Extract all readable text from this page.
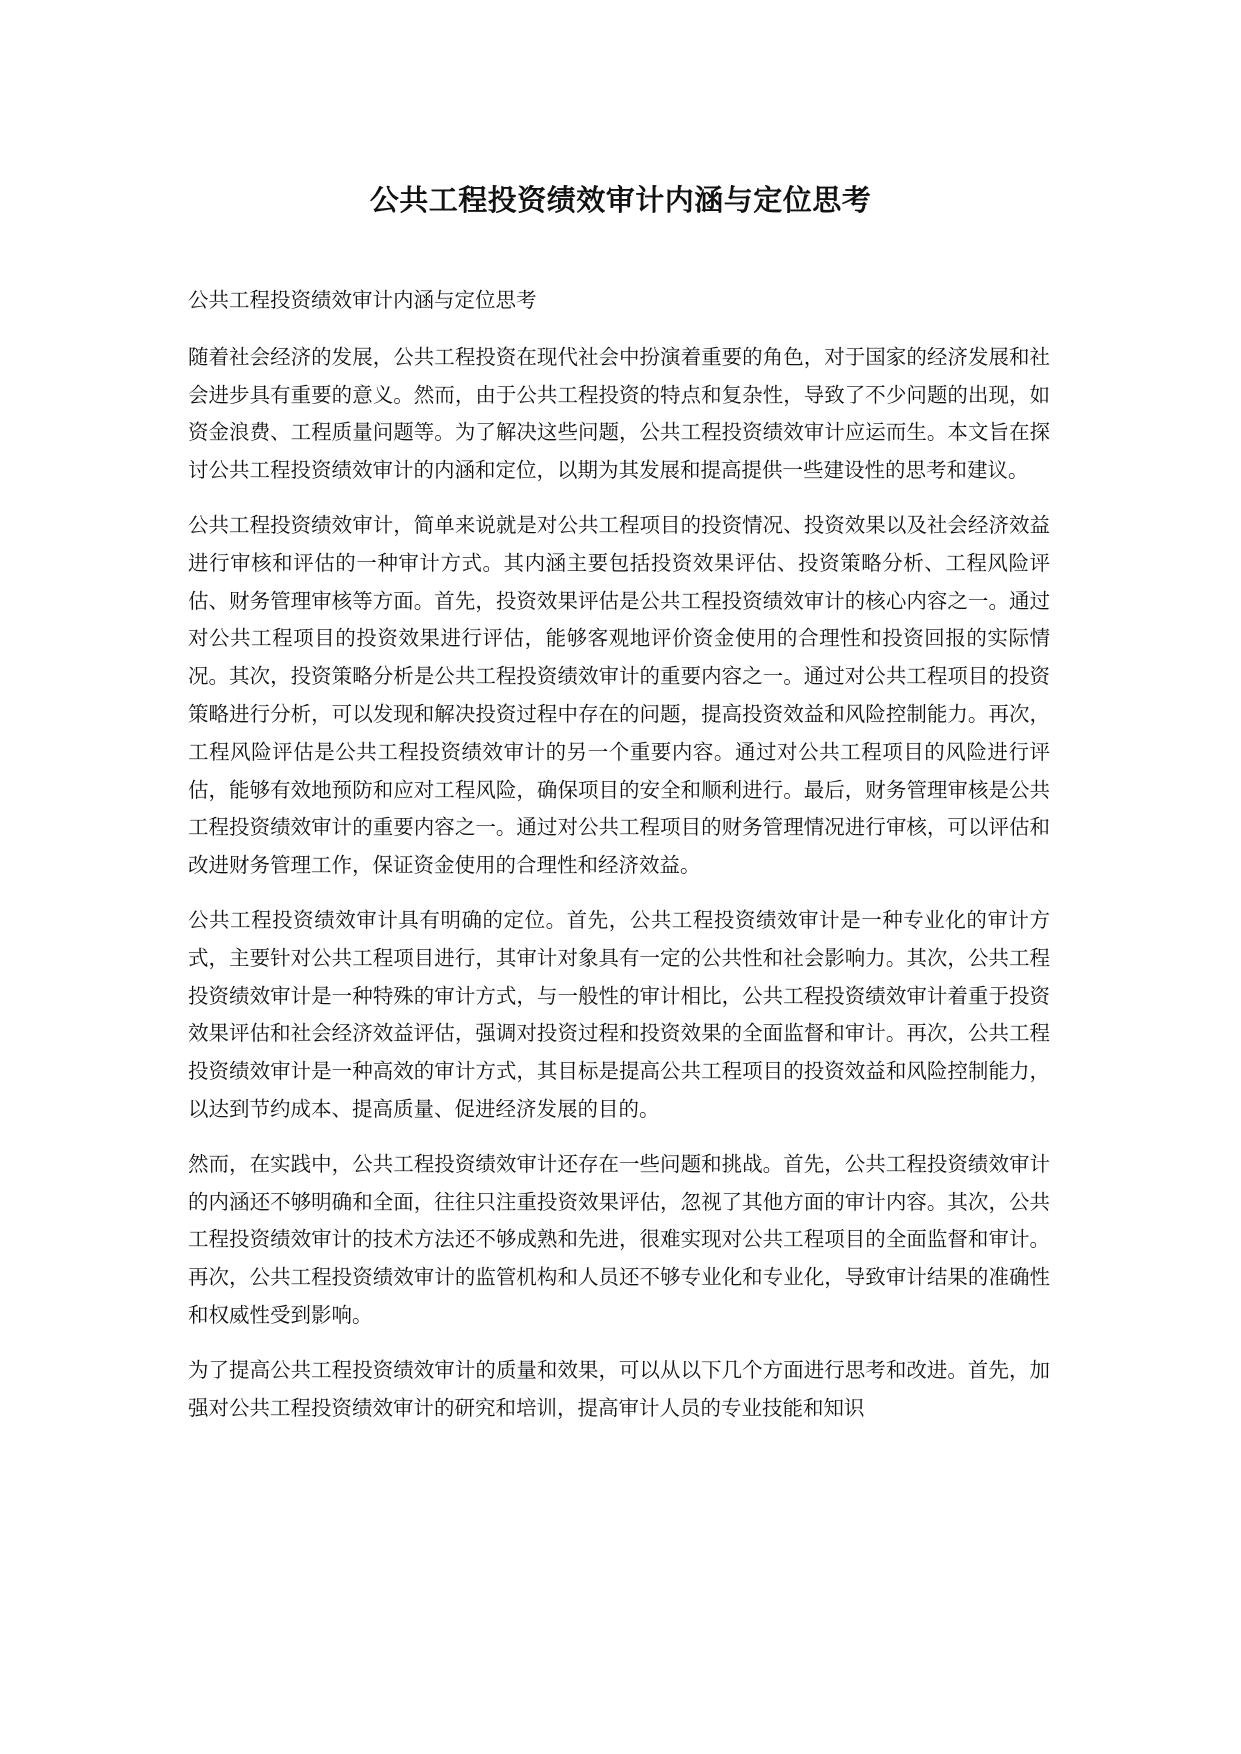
公共工程投资绩效审计内涵与定位思考

公共工程投资绩效审计内涵与定位思考

随着社会经济的发展，公共工程投资在现代社会中扮演着重要的角色，对于国家的经济发展和社会进步具有重要的意义。然而，由于公共工程投资的特点和复杂性，导致了不少问题的出现，如资金浪费、工程质量问题等。为了解决这些问题，公共工程投资绩效审计应运而生。本文旨在探讨公共工程投资绩效审计的内涵和定位，以期为其发展和提高提供一些建设性的思考和建议。

公共工程投资绩效审计，简单来说就是对公共工程项目的投资情况、投资效果以及社会经济效益进行审核和评估的一种审计方式。其内涵主要包括投资效果评估、投资策略分析、工程风险评估、财务管理审核等方面。首先，投资效果评估是公共工程投资绩效审计的核心内容之一。通过对公共工程项目的投资效果进行评估，能够客观地评价资金使用的合理性和投资回报的实际情况。其次，投资策略分析是公共工程投资绩效审计的重要内容之一。通过对公共工程项目的投资策略进行分析，可以发现和解决投资过程中存在的问题，提高投资效益和风险控制能力。再次，工程风险评估是公共工程投资绩效审计的另一个重要内容。通过对公共工程项目的风险进行评估，能够有效地预防和应对工程风险，确保项目的安全和顺利进行。最后，财务管理审核是公共工程投资绩效审计的重要内容之一。通过对公共工程项目的财务管理情况进行审核，可以评估和改进财务管理工作，保证资金使用的合理性和经济效益。

公共工程投资绩效审计具有明确的定位。首先，公共工程投资绩效审计是一种专业化的审计方式，主要针对公共工程项目进行，其审计对象具有一定的公共性和社会影响力。其次，公共工程投资绩效审计是一种特殊的审计方式，与一般性的审计相比，公共工程投资绩效审计着重于投资效果评估和社会经济效益评估，强调对投资过程和投资效果的全面监督和审计。再次，公共工程投资绩效审计是一种高效的审计方式，其目标是提高公共工程项目的投资效益和风险控制能力，以达到节约成本、提高质量、促进经济发展的目的。

然而，在实践中，公共工程投资绩效审计还存在一些问题和挑战。首先，公共工程投资绩效审计的内涵还不够明确和全面，往往只注重投资效果评估，忽视了其他方面的审计内容。其次，公共工程投资绩效审计的技术方法还不够成熟和先进，很难实现对公共工程项目的全面监督和审计。再次，公共工程投资绩效审计的监管机构和人员还不够专业化和专业化，导致审计结果的准确性和权威性受到影响。

为了提高公共工程投资绩效审计的质量和效果，可以从以下几个方面进行思考和改进。首先，加强对公共工程投资绩效审计的研究和培训，提高审计人员的专业技能和知识
